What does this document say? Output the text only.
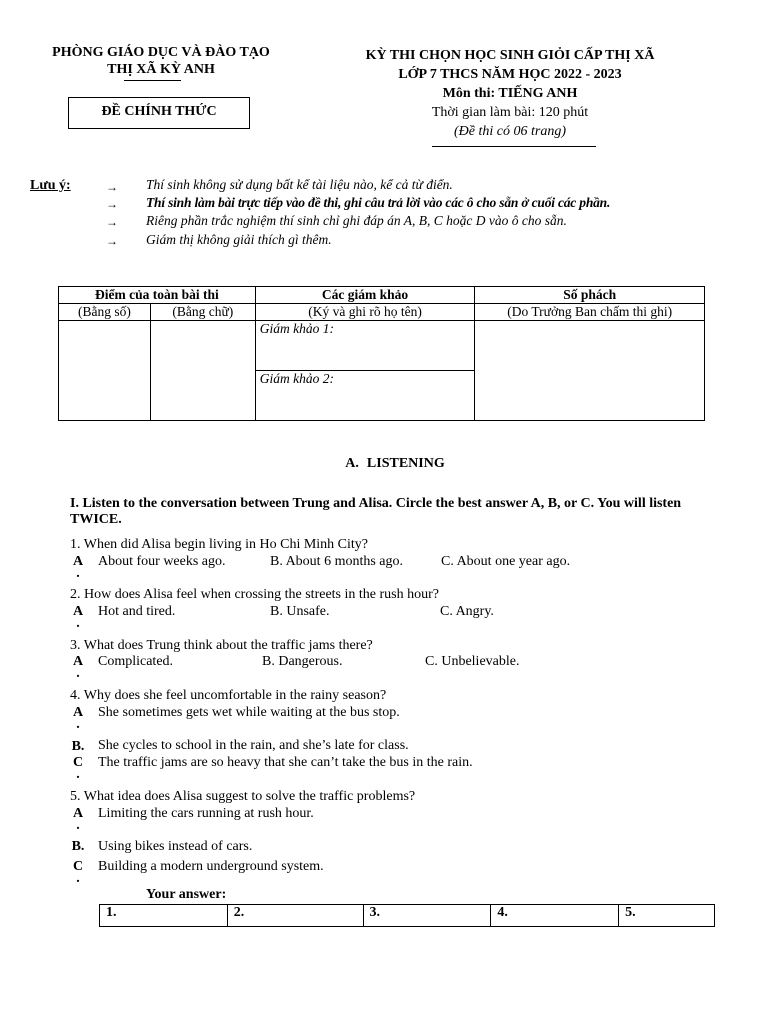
PHÒNG GIÁO DỤC VÀ ĐÀO TẠO
THỊ XÃ KỲ ANH
ĐỀ CHÍNH THỨC
KỲ THI CHỌN HỌC SINH GIỎI CẤP THỊ XÃ
LỚP 7 THCS NĂM HỌC 2022 - 2023
Môn thi: TIẾNG ANH
Thời gian làm bài: 120 phút
(Đề thi có 06 trang)
Lưu ý:	→ Thí sinh không sử dụng bất kể tài liệu nào, kể cả từ điển.
→ Thí sinh làm bài trực tiếp vào đề thi, ghi câu trả lời vào các ô cho sẵn ở cuối các phần.
→ Riêng phần trắc nghiệm thí sinh chỉ ghi đáp án A, B, C hoặc D vào ô cho sẵn.
→ Giám thị không giải thích gì thêm.
Điểm của toàn bài thi		Các giám khảo	Số phách
(Bằng số)	(Bằng chữ)	(Ký và ghi rõ họ tên)	(Do Trưởng Ban chấm thi ghi)
		Giám khảo 1:	
		Giám khảo 2:	
A. LISTENING
I. Listen to the conversation between Trung and Alisa. Circle the best answer A, B, or C. You will listen TWICE.
1. When did Alisa begin living in Ho Chi Minh City?
A
.
About four weeks ago.	B. About 6 months ago.	C. About one year ago.
2. How does Alisa feel when crossing the streets in the rush hour?
A
.
Hot and tired.	B. Unsafe.	C. Angry.
3. What does Trung think about the traffic jams there?
A
.
Complicated.	B. Dangerous.	C. Unbelievable.
4. Why does she feel uncomfortable in the rainy season?
A
.
She sometimes gets wet while waiting at the bus stop.
B. She cycles to school in the rain, and she’s late for class.
C
.
The traffic jams are so heavy that she can’t take the bus in the rain.
5. What idea does Alisa suggest to solve the traffic problems?
A
.
Limiting the cars running at rush hour.
B. Using bikes instead of cars.
C
.
Building a modern underground system.
Your answer:
1.	2.	3.	4.	5.
